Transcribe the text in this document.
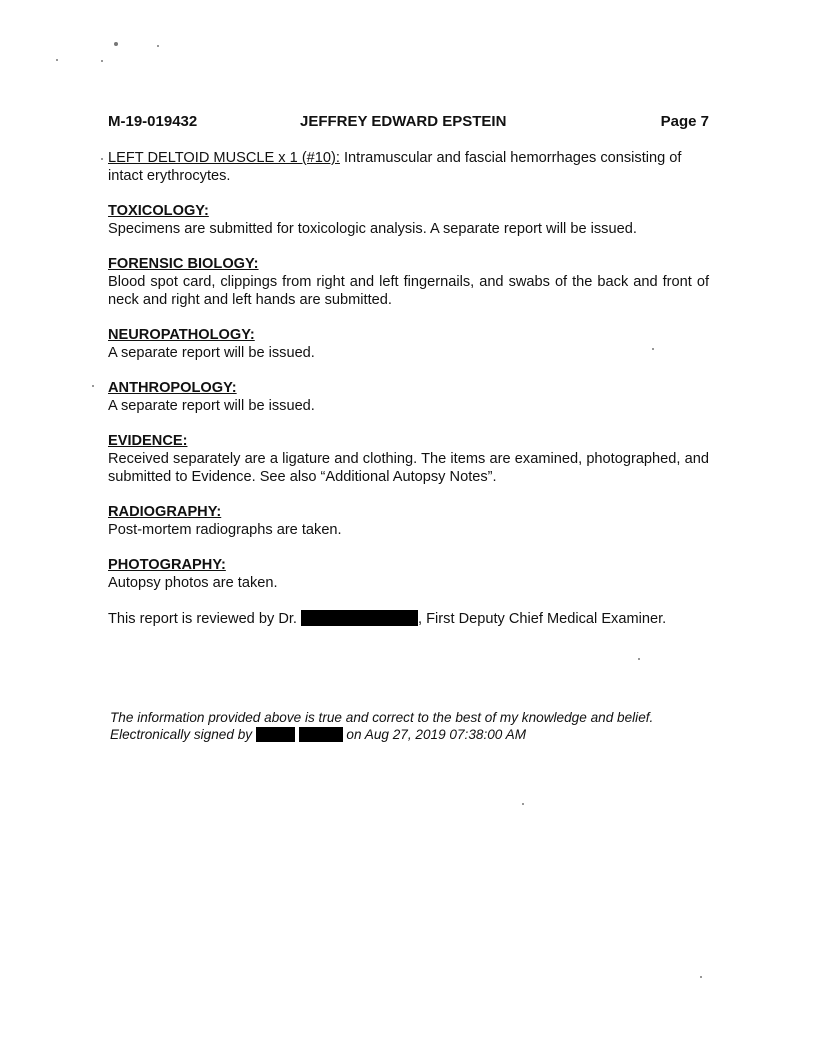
M-19-019432	JEFFREY EDWARD EPSTEIN	Page 7

LEFT DELTOID MUSCLE x 1 (#10): Intramuscular and fascial hemorrhages consisting of intact erythrocytes.

TOXICOLOGY:
Specimens are submitted for toxicologic analysis. A separate report will be issued.
FORENSIC BIOLOGY:
Blood spot card, clippings from right and left fingernails, and swabs of the back and front of neck and right and left hands are submitted.
NEUROPATHOLOGY:
A separate report will be issued.
ANTHROPOLOGY:
A separate report will be issued.
EVIDENCE:
Received separately are a ligature and clothing. The items are examined, photographed, and submitted to Evidence. See also “Additional Autopsy Notes”.
RADIOGRAPHY:
Post-mortem radiographs are taken.
PHOTOGRAPHY:
Autopsy photos are taken.

This report is reviewed by Dr.	, First Deputy Chief Medical Examiner.

The information provided above is true and correct to the best of my knowledge and belief.
Electronically signed by	on Aug 27, 2019 07:38:00 AM
